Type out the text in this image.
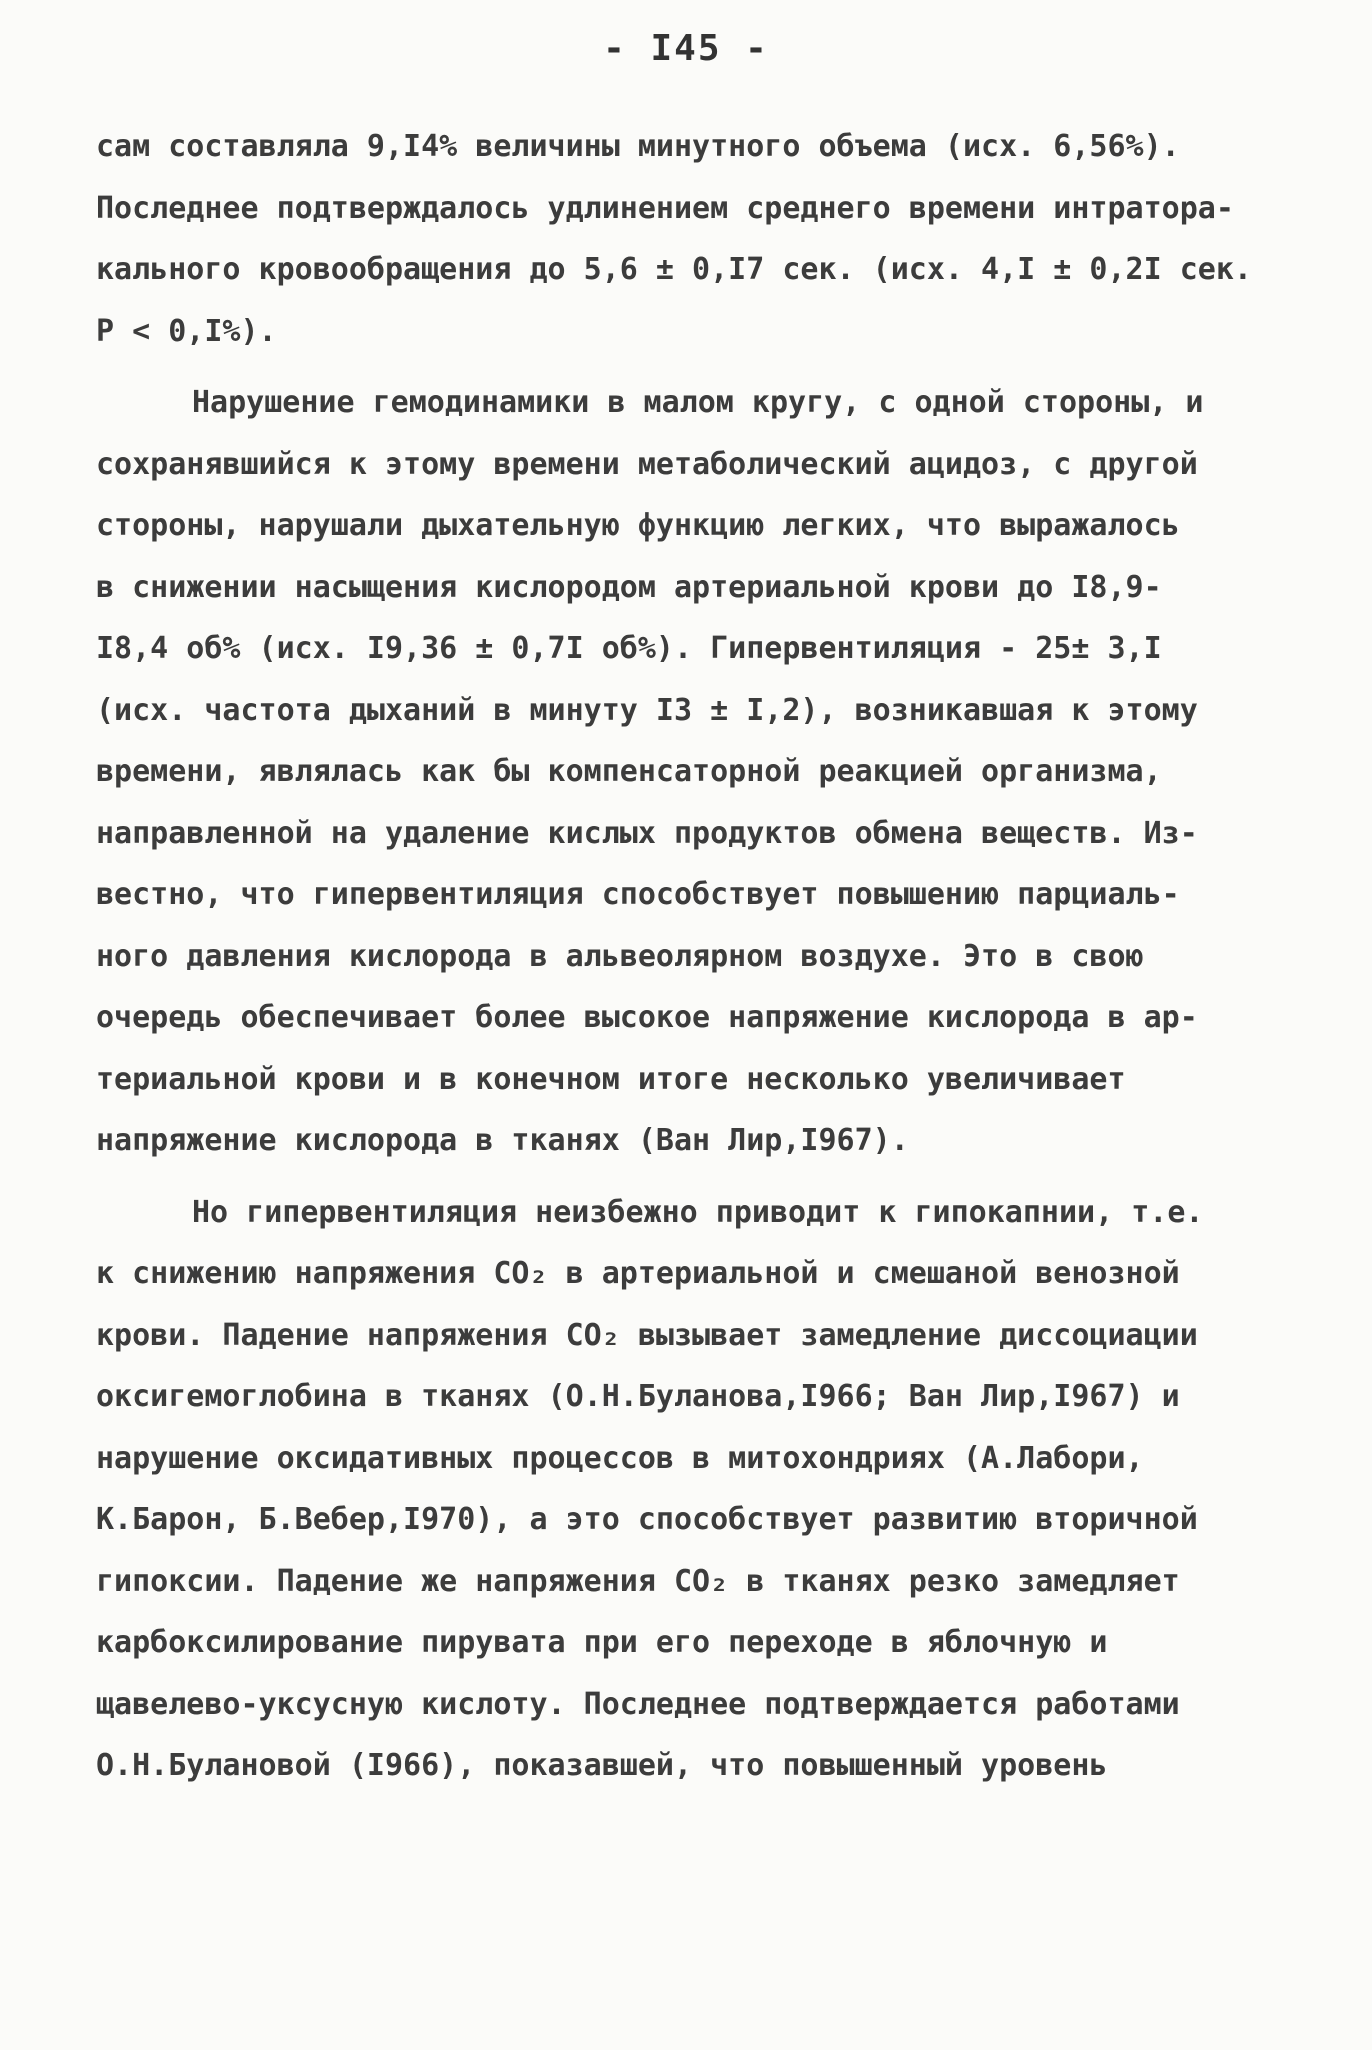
- I45 -
сам составляла 9,I4% величины минутного объема (исх. 6,56%).
Последнее подтверждалось удлинением среднего времени интратора-
кального кровообращения до 5,6 ± 0,I7 сек. (исх. 4,I ± 0,2I сек.
P < 0,I%).
Нарушение гемодинамики в малом кругу, с одной стороны, и
сохранявшийся к этому времени метаболический ацидоз, с другой
стороны, нарушали дыхательную функцию легких, что выражалось
в снижении насыщения кислородом артериальной крови до I8,9-
I8,4 об% (исх. I9,36 ± 0,7I об%). Гипервентиляция - 25± 3,I
(исх. частота дыханий в минуту I3 ± I,2), возникавшая к этому
времени, являлась как бы компенсаторной реакцией организма,
направленной на удаление кислых продуктов обмена веществ. Из-
вестно, что гипервентиляция способствует повышению парциаль-
ного давления кислорода в альвеолярном воздухе. Это в свою
очередь обеспечивает более высокое напряжение кислорода в ар-
териальной крови и в конечном итоге несколько увеличивает
напряжение кислорода в тканях (Ван Лир,I967).
Но гипервентиляция неизбежно приводит к гипокапнии, т.е.
к снижению напряжения CO₂ в артериальной и смешаной венозной
крови. Падение напряжения CO₂ вызывает замедление диссоциации
оксигемоглобина в тканях (О.Н.Буланова,I966; Ван Лир,I967) и
нарушение оксидативных процессов в митохондриях (А.Лабори,
К.Барон, Б.Вебер,I970), а это способствует развитию вторичной
гипоксии. Падение же напряжения CO₂ в тканях резко замедляет
карбоксилирование пирувата при его переходе в яблочную и
щавелево-уксусную кислоту. Последнее подтверждается работами
О.Н.Булановой (I966), показавшей, что повышенный уровень
